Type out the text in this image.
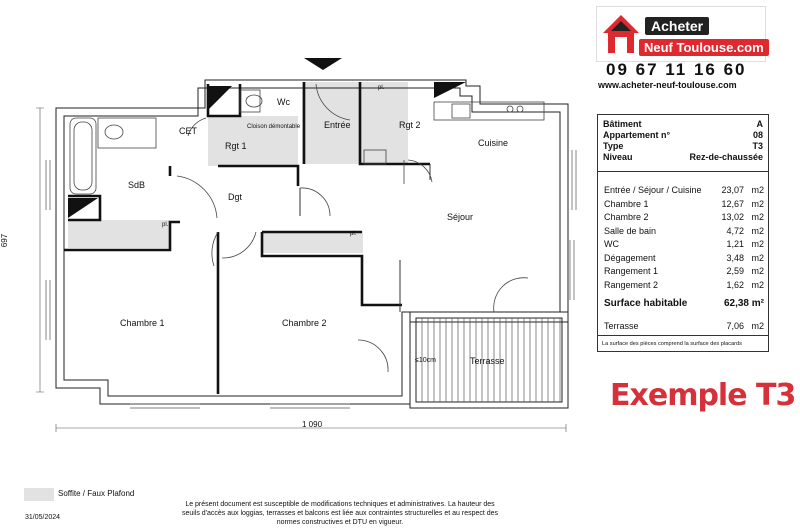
Wc
Entrée	Rgt 2
CET
Rgt 1
Cloison démontable
Cuisine
SdB
Dgt
Séjour
Chambre 1	Chambre 2
Terrasse
≤10cm
pl.
pl.
pl.
697
1 090
Acheter
Neuf Toulouse.com
09 67 11 16 60
www.acheter-neuf-toulouse.com
Bâtiment	A
Appartement n°	08
Type	T3
Niveau	Rez-de-chaussée
Entrée / Séjour / Cuisine	23,07 m2
Chambre 1	12,67 m2
Chambre 2	13,02 m2
Salle de bain	4,72 m2
WC	1,21 m2
Dégagement	3,48 m2
Rangement 1	2,59 m2
Rangement 2	1,62 m2
Surface habitable	62,38 m²
Terrasse	7,06 m2
La surface des pièces comprend la surface des placards
Exemple T3
Soffite / Faux Plafond
Le présent document est susceptible de modifications techniques et administratives. La hauteur des seuils d'accès aux loggias, terrasses et balcons est liée aux contraintes structurelles et au respect des normes constructives et DTU en vigueur.
31/05/2024
